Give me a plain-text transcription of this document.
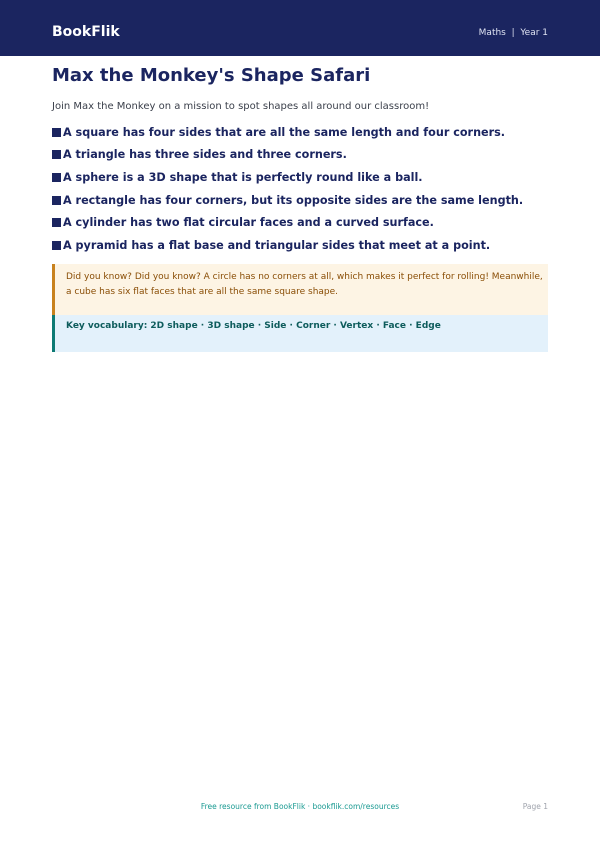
BookFlik	Maths  |  Year 1
Max the Monkey's Shape Safari

Join Max the Monkey on a mission to spot shapes all around our classroom!

A square has four sides that are all the same length and four corners.
A triangle has three sides and three corners.
A sphere is a 3D shape that is perfectly round like a ball.
A rectangle has four corners, but its opposite sides are the same length.
A cylinder has two flat circular faces and a curved surface.
A pyramid has a flat base and triangular sides that meet at a point.

Did you know? Did you know? A circle has no corners at all, which makes it perfect for rolling! Meanwhile, a cube has six flat faces that are all the same square shape.

Key vocabulary: 2D shape · 3D shape · Side · Corner · Vertex · Face · Edge

Free resource from BookFlik · bookflik.com/resources	Page 1
